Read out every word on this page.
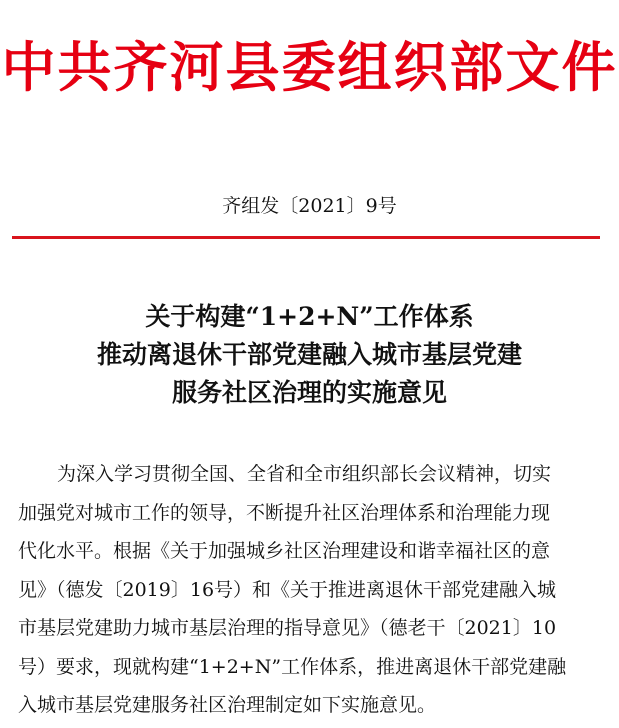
中共齐河县委组织部文件
齐组发〔2021〕9号
关于构建“1+2+N”工作体系
推动离退休干部党建融入城市基层党建
服务社区治理的实施意见
为深入学习贯彻全国、全省和全市组织部长会议精神，切实
加强党对城市工作的领导，不断提升社区治理体系和治理能力现
代化水平。根据《关于加强城乡社区治理建设和谐幸福社区的意
见》（德发〔2019〕16号）和《关于推进离退休干部党建融入城
市基层党建助力城市基层治理的指导意见》（德老干〔2021〕10
号）要求，现就构建“1+2+N”工作体系，推进离退休干部党建融
入城市基层党建服务社区治理制定如下实施意见。
